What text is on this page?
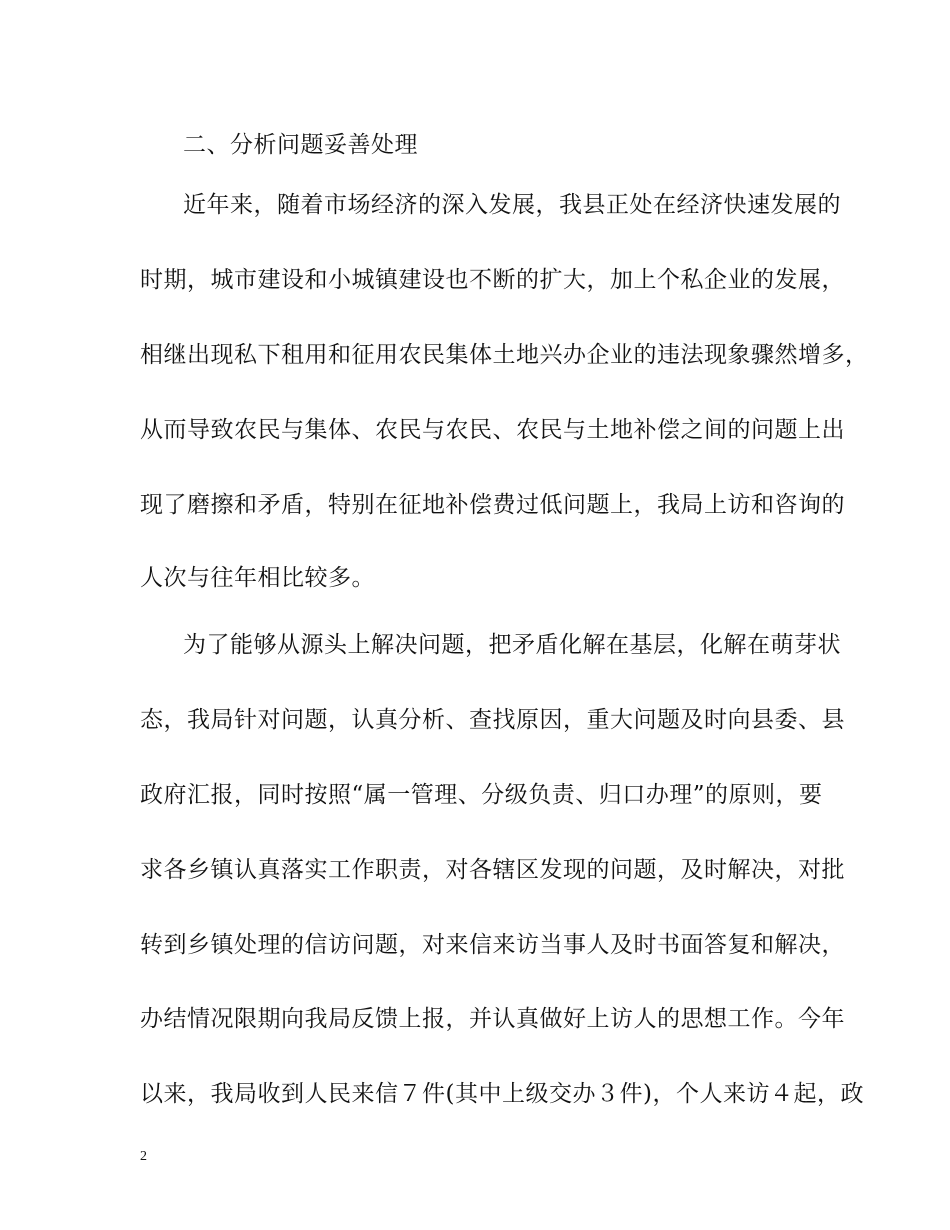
二、分析问题妥善处理
近年来，随着市场经济的深入发展，我县正处在经济快速发展的
时期，城市建设和小城镇建设也不断的扩大，加上个私企业的发展，
相继出现私下租用和征用农民集体土地兴办企业的违法现象骤然增多，
从而导致农民与集体、农民与农民、农民与土地补偿之间的问题上出
现了磨擦和矛盾，特别在征地补偿费过低问题上，我局上访和咨询的
人次与往年相比较多。
为了能够从源头上解决问题，把矛盾化解在基层，化解在萌芽状
态，我局针对问题，认真分析、查找原因，重大问题及时向县委、县
政府汇报，同时按照“属一管理、分级负责、归口办理”的原则，要
求各乡镇认真落实工作职责，对各辖区发现的问题，及时解决，对批
转到乡镇处理的信访问题，对来信来访当事人及时书面答复和解决，
办结情况限期向我局反馈上报，并认真做好上访人的思想工作。今年
以来，我局收到人民来信７件(其中上级交办３件)，个人来访４起，政
2
